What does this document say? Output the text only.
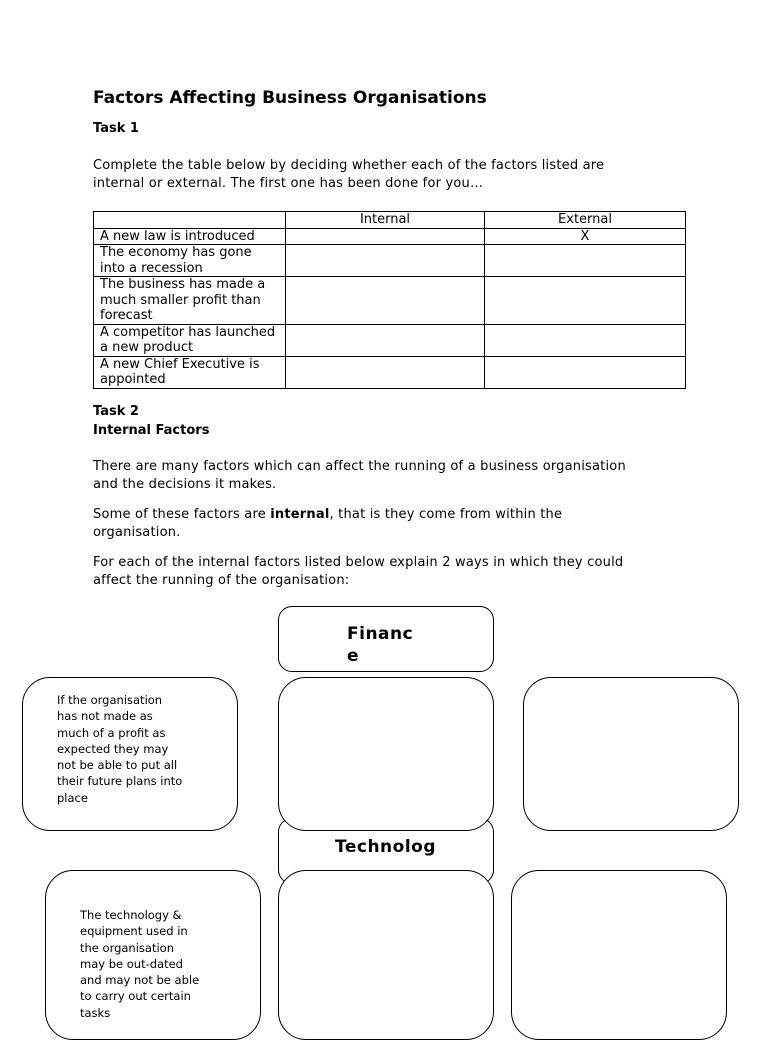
Factors Affecting Business Organisations
Task 1
Complete the table below by deciding whether each of the factors listed are
internal or external. The first one has been done for you…
	Internal	External
A new law is introduced		X
The economy has gone into a recession		
The business has made a much smaller profit than forecast		
A competitor has launched a new product		
A new Chief Executive is appointed		
Task 2
Internal Factors
There are many factors which can affect the running of a business organisation
and the decisions it makes.
Some of these factors are internal, that is they come from within the
organisation.
For each of the internal factors listed below explain 2 ways in which they could
affect the running of the organisation:
Financ
e
If the organisation
has not made as
much of a profit as
expected they may
not be able to put all
their future plans into
place
Technolog
The technology &
equipment used in
the organisation
may be out-dated
and may not be able
to carry out certain
tasks
